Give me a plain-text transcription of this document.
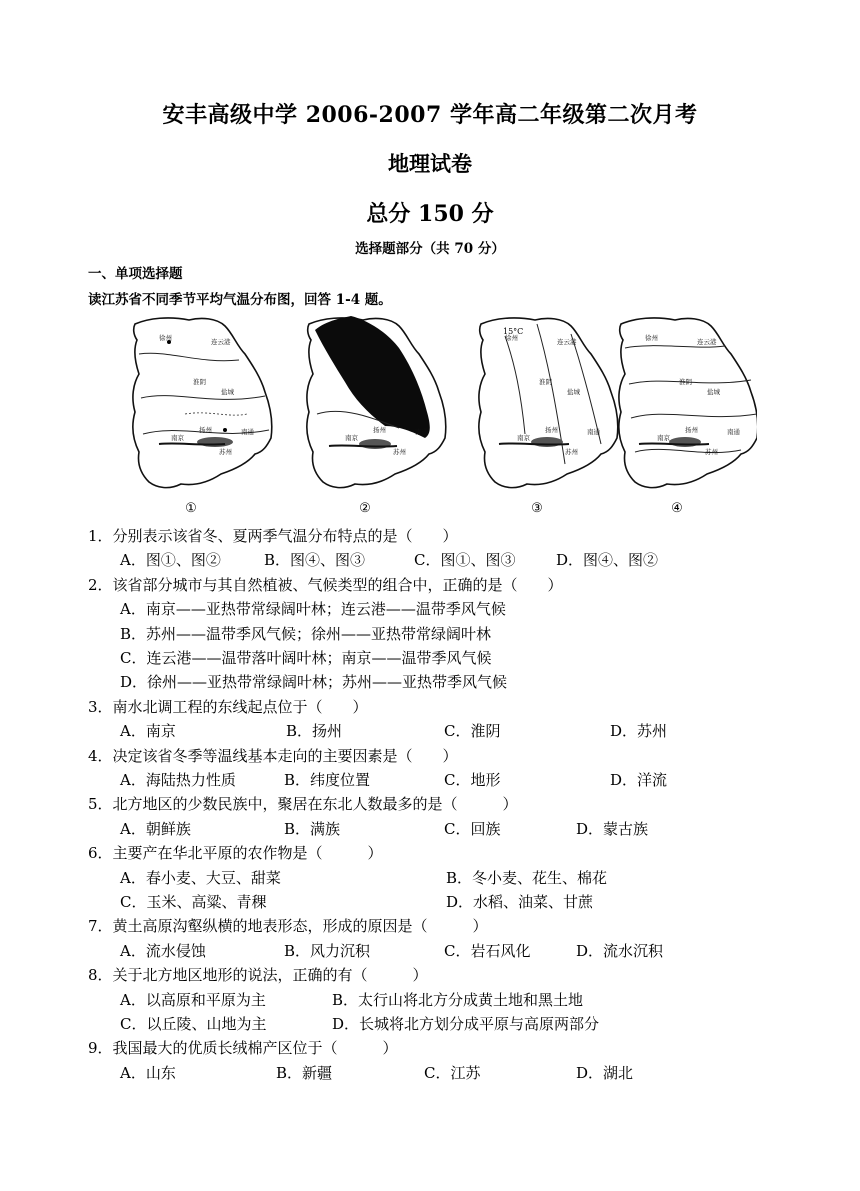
安丰高级中学 2006-2007 学年高二年级第二次月考
地理试卷
总分 150 分
选择题部分（共 70 分）
一、单项选择题
读江苏省不同季节平均气温分布图，回答 1-4 题。
①	②
15°C
③	④
徐州	连云港
淮阴
盐城
扬州	南通
南京
苏州
扬州	南通
南京
苏州
徐州	连云港
淮阴
盐城
扬州	南通
南京
苏州
徐州	连云港
淮阴
盐城
扬州	南通
南京
苏州
1．分别表示该省冬、夏两季气温分布特点的是（　　）
A．图①、图②	B．图④、图③	C．图①、图③	D．图④、图②
2．该省部分城市与其自然植被、气候类型的组合中，正确的是（　　）
A．南京——亚热带常绿阔叶林；连云港——温带季风气候
B．苏州——温带季风气候；徐州——亚热带常绿阔叶林
C．连云港——温带落叶阔叶林；南京——温带季风气候
D．徐州——亚热带常绿阔叶林；苏州——亚热带季风气候
3．南水北调工程的东线起点位于（　　）
A．南京	B．扬州	C．淮阴	D．苏州
4．决定该省冬季等温线基本走向的主要因素是（　　）
A．海陆热力性质	B．纬度位置	C．地形	D．洋流
5．北方地区的少数民族中，聚居在东北人数最多的是（　　　）
A．朝鲜族	B．满族	C．回族	D．蒙古族
6．主要产在华北平原的农作物是（　　　）
A．春小麦、大豆、甜菜	B．冬小麦、花生、棉花
C．玉米、高粱、青稞	D．水稻、油菜、甘蔗
7．黄土高原沟壑纵横的地表形态，形成的原因是（　　　）
A．流水侵蚀	B．风力沉积	C．岩石风化	D．流水沉积
8．关于北方地区地形的说法，正确的有（　　　）
A．以高原和平原为主	B．太行山将北方分成黄土地和黑土地
C．以丘陵、山地为主	D．长城将北方划分成平原与高原两部分
9．我国最大的优质长绒棉产区位于（　　　）
A．山东	B．新疆	C．江苏	D．湖北
